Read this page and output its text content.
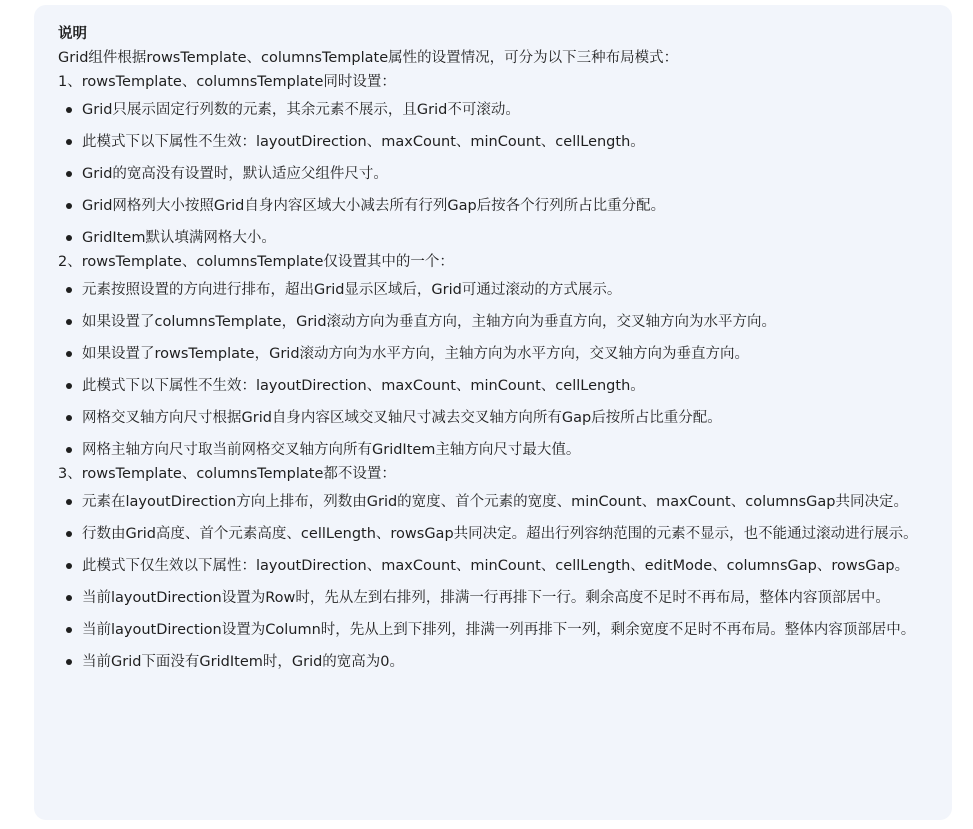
说明

Grid组件根据rowsTemplate、columnsTemplate属性的设置情况，可分为以下三种布局模式：

1、rowsTemplate、columnsTemplate同时设置：

Grid只展示固定行列数的元素，其余元素不展示，且Grid不可滚动。
此模式下以下属性不生效：layoutDirection、maxCount、minCount、cellLength。
Grid的宽高没有设置时，默认适应父组件尺寸。
Grid网格列大小按照Grid自身内容区域大小减去所有行列Gap后按各个行列所占比重分配。
GridItem默认填满网格大小。

2、rowsTemplate、columnsTemplate仅设置其中的一个：

元素按照设置的方向进行排布，超出Grid显示区域后，Grid可通过滚动的方式展示。
如果设置了columnsTemplate，Grid滚动方向为垂直方向，主轴方向为垂直方向，交叉轴方向为水平方向。
如果设置了rowsTemplate，Grid滚动方向为水平方向，主轴方向为水平方向，交叉轴方向为垂直方向。
此模式下以下属性不生效：layoutDirection、maxCount、minCount、cellLength。
网格交叉轴方向尺寸根据Grid自身内容区域交叉轴尺寸减去交叉轴方向所有Gap后按所占比重分配。
网格主轴方向尺寸取当前网格交叉轴方向所有GridItem主轴方向尺寸最大值。

3、rowsTemplate、columnsTemplate都不设置：

元素在layoutDirection方向上排布，列数由Grid的宽度、首个元素的宽度、minCount、maxCount、columnsGap共同决定。
行数由Grid高度、首个元素高度、cellLength、rowsGap共同决定。超出行列容纳范围的元素不显示，也不能通过滚动进行展示。
此模式下仅生效以下属性：layoutDirection、maxCount、minCount、cellLength、editMode、columnsGap、rowsGap。
当前layoutDirection设置为Row时，先从左到右排列，排满一行再排下一行。剩余高度不足时不再布局，整体内容顶部居中。
当前layoutDirection设置为Column时，先从上到下排列，排满一列再排下一列，剩余宽度不足时不再布局。整体内容顶部居中。
当前Grid下面没有GridItem时，Grid的宽高为0。
